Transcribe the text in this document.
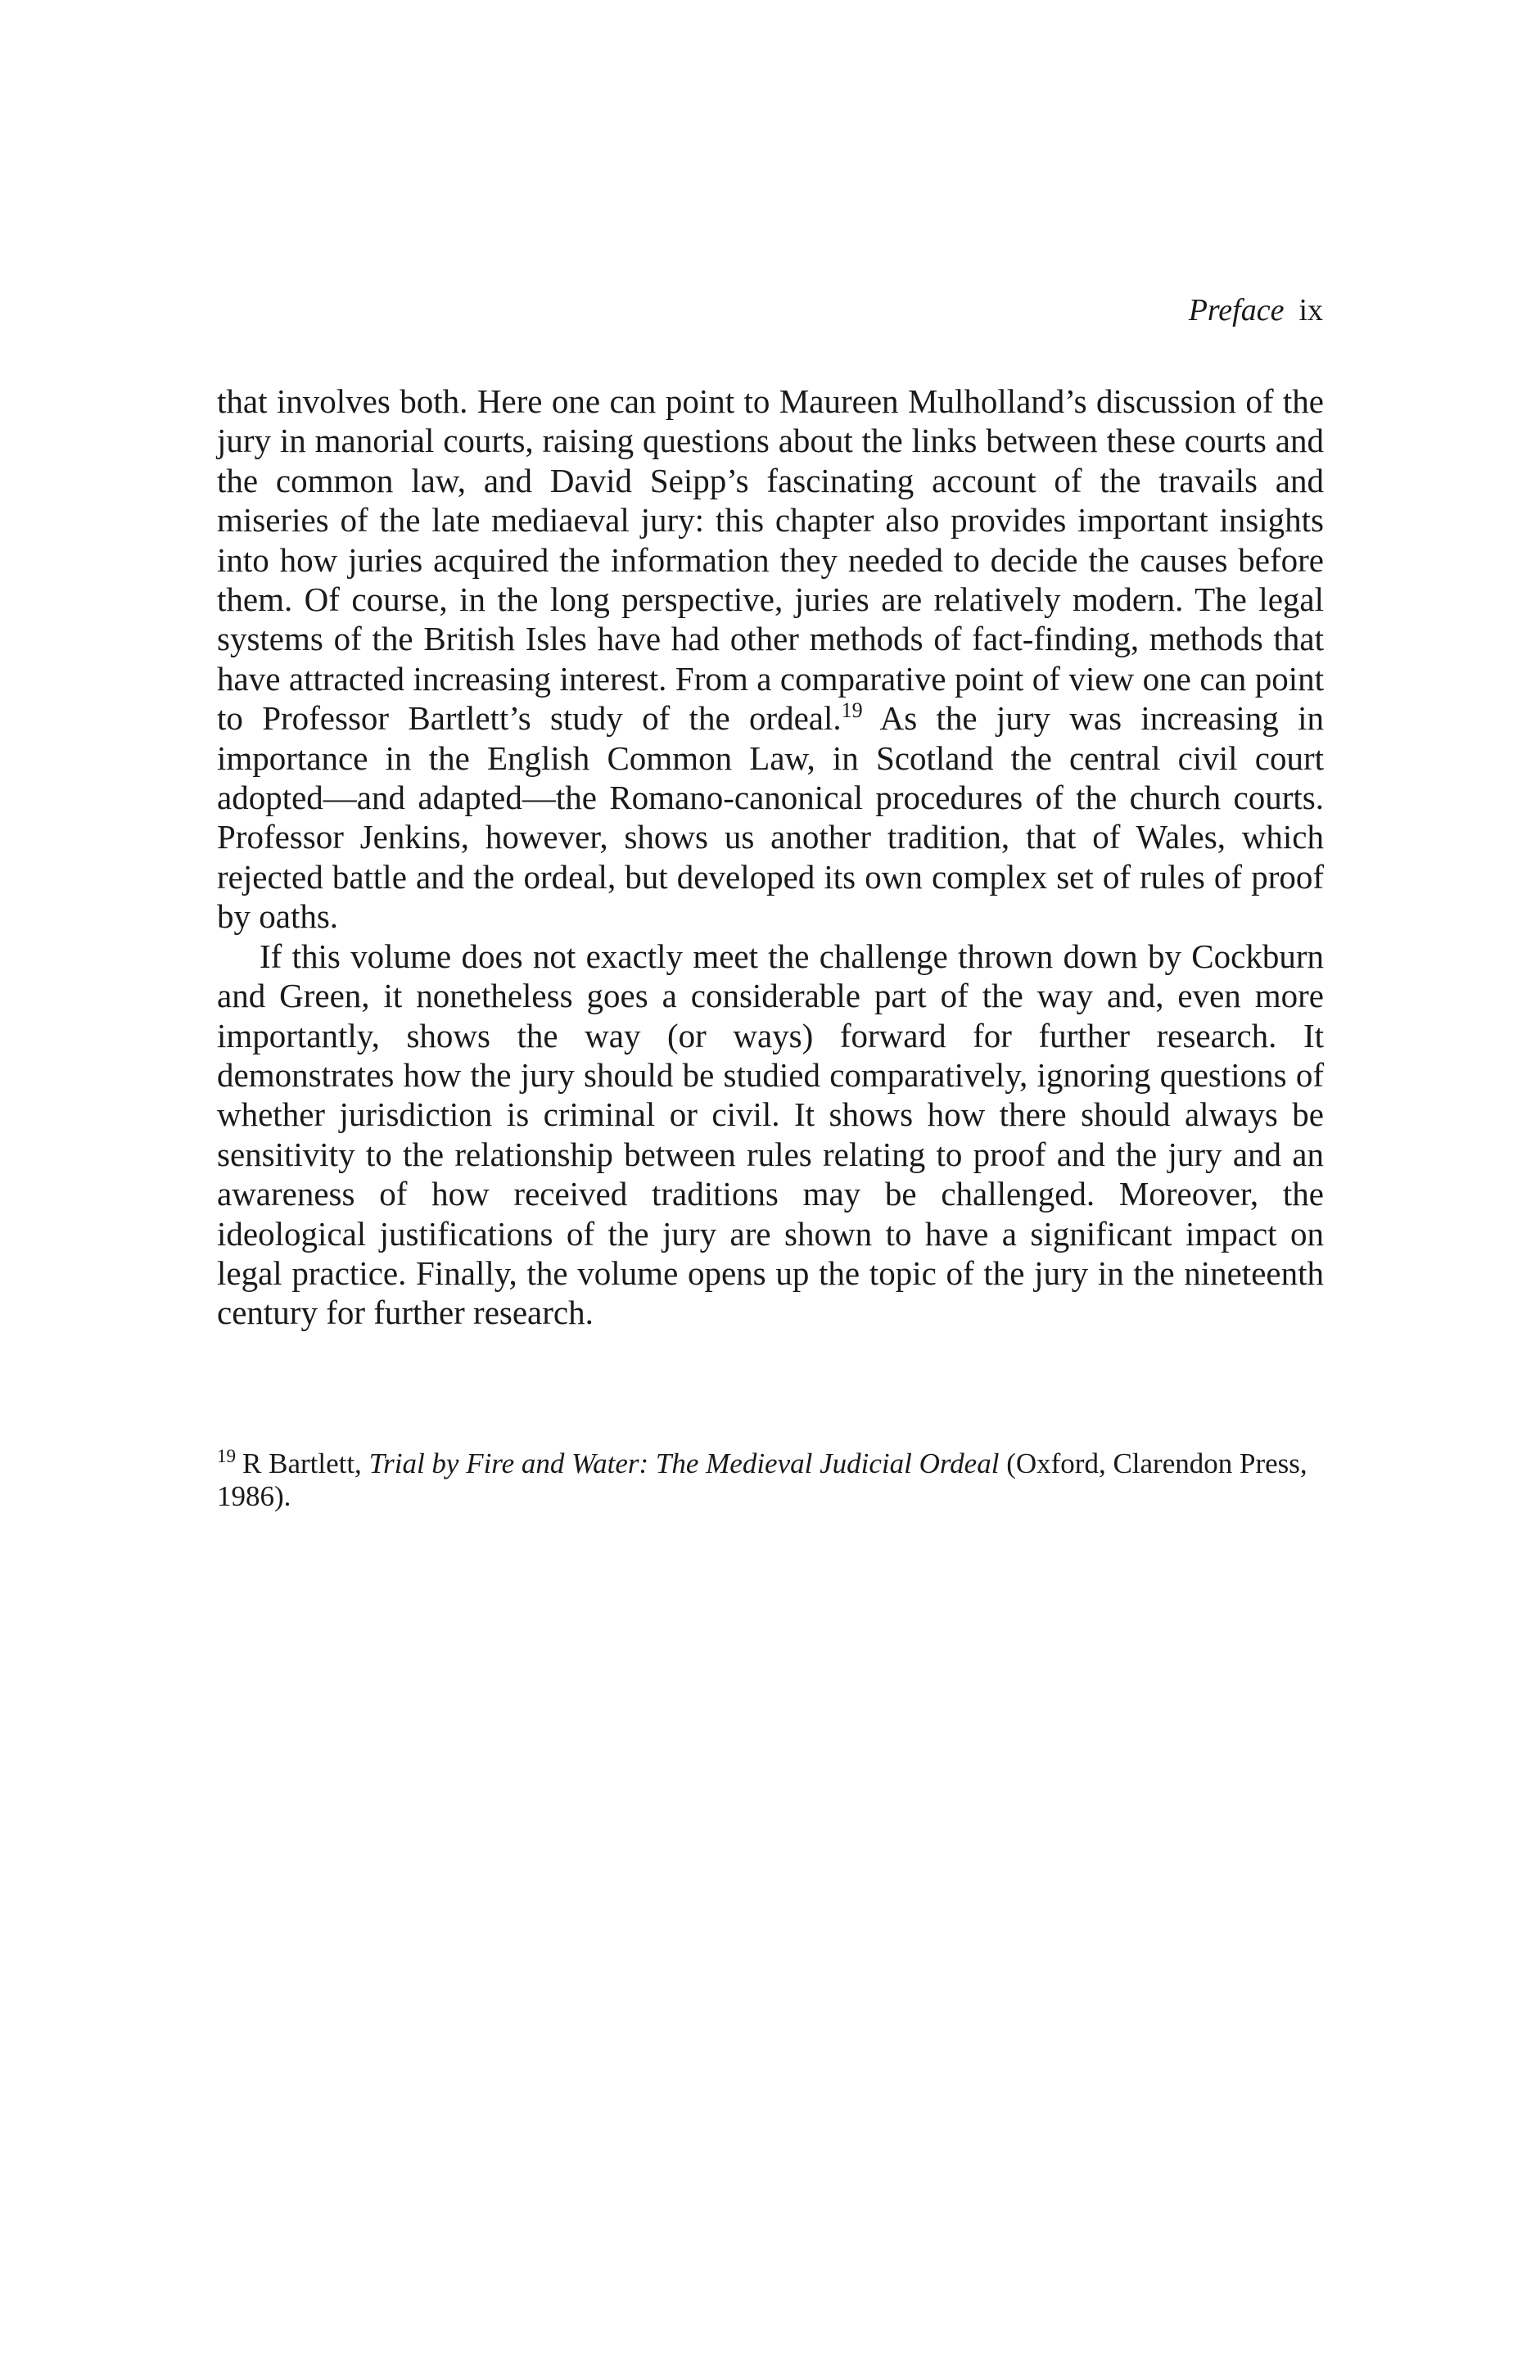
Preface ix

that involves both. Here one can point to Maureen Mulholland’s discussion of the jury in manorial courts, raising questions about the links between these courts and the common law, and David Seipp’s fascinating account of the travails and miseries of the late mediaeval jury: this chapter also provides important insights into how juries acquired the information they needed to decide the causes before them. Of course, in the long perspective, juries are relatively modern. The legal systems of the British Isles have had other methods of fact-finding, methods that have attracted increasing interest. From a comparative point of view one can point to Professor Bartlett’s study of the ordeal.$^{19}$ As the jury was increasing in importance in the English Common Law, in Scotland the central civil court adopted—and adapted—the Romano-canonical procedures of the church courts. Professor Jenkins, however, shows us another tradition, that of Wales, which rejected battle and the ordeal, but developed its own complex set of rules of proof by oaths.

If this volume does not exactly meet the challenge thrown down by Cockburn and Green, it nonetheless goes a considerable part of the way and, even more importantly, shows the way (or ways) forward for further research. It demonstrates how the jury should be studied comparatively, ignoring questions of whether jurisdiction is criminal or civil. It shows how there should always be sensitivity to the relationship between rules relating to proof and the jury and an awareness of how received traditions may be challenged. Moreover, the ideological justifications of the jury are shown to have a significant impact on legal practice. Finally, the volume opens up the topic of the jury in the nineteenth century for further research.

$^{19}$ R Bartlett, Trial by Fire and Water: The Medieval Judicial Ordeal (Oxford, Clarendon Press, 1986).
